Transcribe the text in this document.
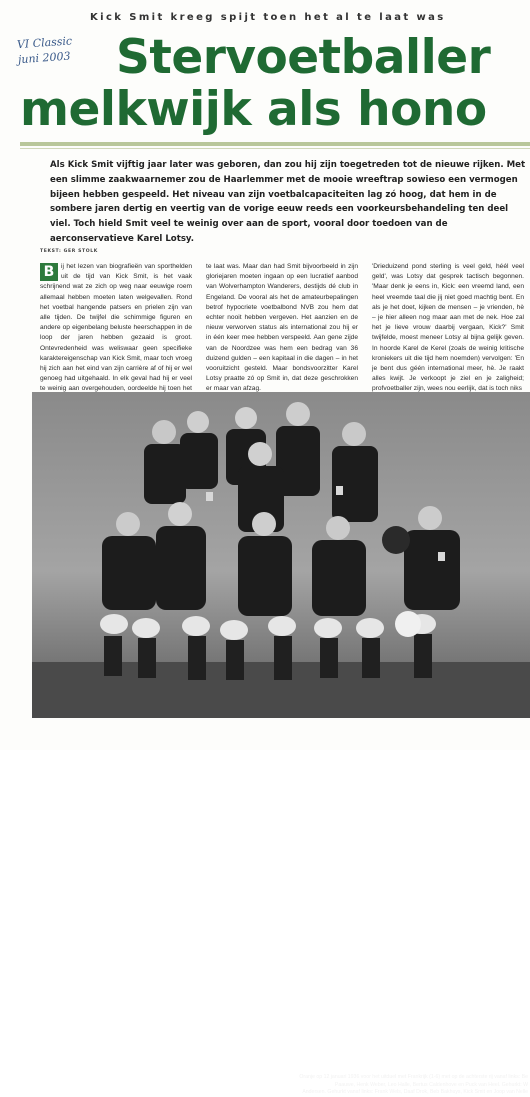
Kick Smit kreeg spijt toen het al te laat was
Stervoetballer
melkwijk als hono
VI Classic
juni 2003

Als Kick Smit vijftig jaar later was geboren, dan zou hij zijn toegetreden tot de nieuwe rijken. Met een slimme zaakwaarnemer zou de Haarlemmer met de mooie wreeftrap sowieso een vermogen bijeen hebben gespeeld. Het niveau van zijn voetbalcapaciteiten lag zó hoog, dat hem in de sombere jaren dertig en veertig van de vorige eeuw reeds een voorkeursbehandeling ten deel viel. Toch hield Smit veel te weinig over aan de sport, vooral door toedoen van de aerconservatieve Karel Lotsy.

TEKST: GER STOLK
B	ij het lezen van biografieën van sporthelden uit de tijd van Kick Smit, is het vaak schrijnend wat ze zich op weg naar eeuwige roem allemaal hebben moeten laten welgevallen. Rond het voetbal hangende patsers en prielen zijn van alle tijden. De twijfel die schimmige figuren en andere op eigenbelang beluste heerschappen in de loop der jaren hebben gezaaid is groot. Ontevredenheid was weliswaar geen specifieke karaktereigenschap van Kick Smit, maar toch vroeg hij zich aan het eind van zijn carrière af of hij er wel genoeg had uitgehaald. In elk geval had hij er veel te weinig aan overgehouden, oordeelde hij toen het
te laat was. Maar dan had Smit bijvoorbeeld in zijn gloriejaren moeten ingaan op een lucratief aanbod van Wolverhampton Wanderers, destijds dé club in Engeland. De vooral als het de amateurbepalingen betrof hypocriete voetbalbond NVB zou hem dat echter nooit hebben vergeven. Het aanzien en de nieuw verworven status als international zou hij er in één keer mee hebben verspeeld. Aan gene zijde van de Noordzee was hem een bedrag van 36 duizend gulden – een kapitaal in die dagen – in het vooruitzicht gesteld. Maar bondsvoorzitter Karel Lotsy praatte zó op Smit in, dat deze geschrokken er maar van afzag.
'Drieduizend pond sterling is veel geld, héél veel geld', was Lotsy dat gesprek tactisch begonnen. 'Maar denk je eens in, Kick: een vreemd land, een heel vreemde taal die jij niet goed machtig bent. En als je het doet, kijken de mensen – je vrienden, hè – je hier alleen nog maar aan met de nek. Hoe zal het je lieve vrouw daarbij vergaan, Kick?' Smit twijfelde, moest meneer Lotsy al bijna gelijk geven. In hoorde Karel de Kerel (zoals de weinig kritische kroniekers uit die tijd hem noemden) vervolgen: 'En je bent dus géén international meer, hè. Je raakt alles kwijt. Je verkoopt je ziel en je zaligheid; profvoetballer zijn, wees nou eerlijk, dat is toch niks
Oranje op 12 januari 1936 voor het uitduel met Frankrijk (1-6) met op de achterste rij vanaf links: Be
Paauwe, Henk Weber, Leo Halle, Bertus Caldenhove en Puck van Heel. Gehurkt: W
Andersen. Gehurkt vanaf links: Frank Wels, Daaf Drok, Beb Bakhuys, Kick Smit en Joop van Nelle
